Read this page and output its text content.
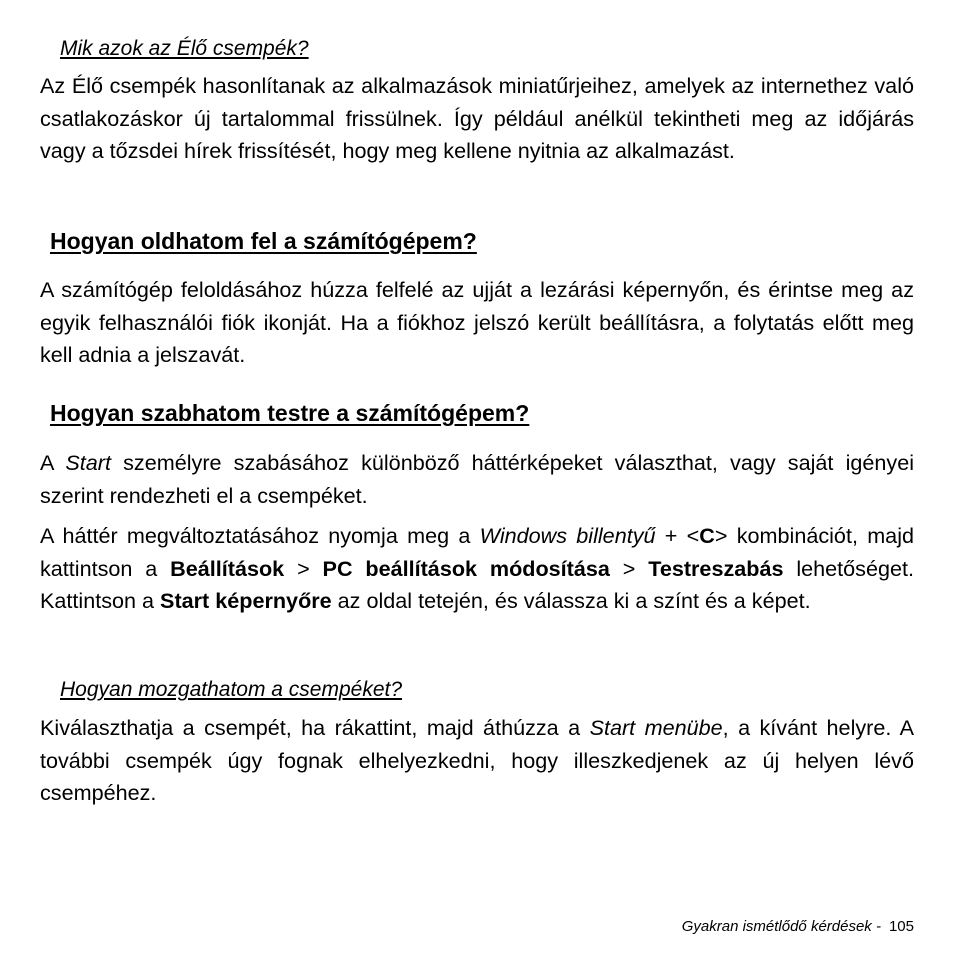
Mik azok az Élő csempék?
Az Élő csempék hasonlítanak az alkalmazások miniatűrjeihez, amelyek az internethez való csatlakozáskor új tartalommal frissülnek. Így például anélkül tekintheti meg az időjárás vagy a tőzsdei hírek frissítését, hogy meg kellene nyitnia az alkalmazást.
Hogyan oldhatom fel a számítógépem?
A számítógép feloldásához húzza felfelé az ujját a lezárási képernyőn, és érintse meg az egyik felhasználói fiók ikonját. Ha a fiókhoz jelszó került beállításra, a folytatás előtt meg kell adnia a jelszavát.
Hogyan szabhatom testre a számítógépem?
A Start személyre szabásához különböző háttérképeket választhat, vagy saját igényei szerint rendezheti el a csempéket.
A háttér megváltoztatásához nyomja meg a Windows billentyű + <C> kombinációt, majd kattintson a Beállítások > PC beállítások módosítása > Testreszabás lehetőséget. Kattintson a Start képernyőre az oldal tetején, és válassza ki a színt és a képet.
Hogyan mozgathatom a csempéket?
Kiválaszthatja a csempét, ha rákattint, majd áthúzza a Start menübe, a kívánt helyre. A további csempék úgy fognak elhelyezkedni, hogy illeszkedjenek az új helyen lévő csempéhez.
Gyakran ismétlődő kérdések - 105
